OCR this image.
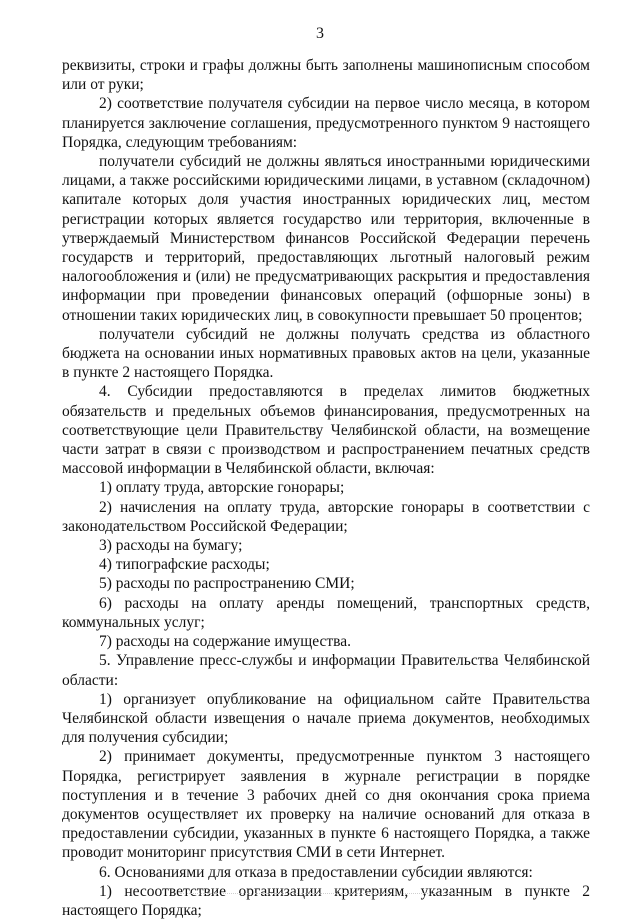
3

реквизиты, строки и графы должны быть заполнены машинописным способом или от руки;

2) соответствие получателя субсидии на первое число месяца, в котором планируется заключение соглашения, предусмотренного пунктом 9 настоящего Порядка, следующим требованиям:

получатели субсидий не должны являться иностранными юридическими лицами, а также российскими юридическими лицами, в уставном (складочном) капитале которых доля участия иностранных юридических лиц, местом регистрации которых является государство или территория, включенные в утверждаемый Министерством финансов Российской Федерации перечень государств и территорий, предоставляющих льготный налоговый режим налогообложения и (или) не предусматривающих раскрытия и предоставления информации при проведении финансовых операций (офшорные зоны) в отношении таких юридических лиц, в совокупности превышает 50 процентов;

получатели субсидий не должны получать средства из областного бюджета на основании иных нормативных правовых актов на цели, указанные в пункте 2 настоящего Порядка.

4. Субсидии предоставляются в пределах лимитов бюджетных обязательств и предельных объемов финансирования, предусмотренных на соответствующие цели Правительству Челябинской области, на возмещение части затрат в связи с производством и распространением печатных средств массовой информации в Челябинской области, включая:

1) оплату труда, авторские гонорары;

2) начисления на оплату труда, авторские гонорары в соответствии с законодательством Российской Федерации;

3) расходы на бумагу;

4) типографские расходы;

5) расходы по распространению СМИ;

6) расходы на оплату аренды помещений, транспортных средств, коммунальных услуг;

7) расходы на содержание имущества.

5. Управление пресс-службы и информации Правительства Челябинской области:

1) организует опубликование на официальном сайте Правительства Челябинской области извещения о начале приема документов, необходимых для получения субсидии;

2) принимает документы, предусмотренные пунктом 3 настоящего Порядка, регистрирует заявления в журнале регистрации в порядке поступления и в течение 3 рабочих дней со дня окончания срока приема документов осуществляет их проверку на наличие оснований для отказа в предоставлении субсидии, указанных в пункте 6 настоящего Порядка, а также проводит мониторинг присутствия СМИ в сети Интернет.

6. Основаниями для отказа в предоставлении субсидии являются:

1) несоответствие организации критериям, указанным в пункте 2 настоящего Порядка;
